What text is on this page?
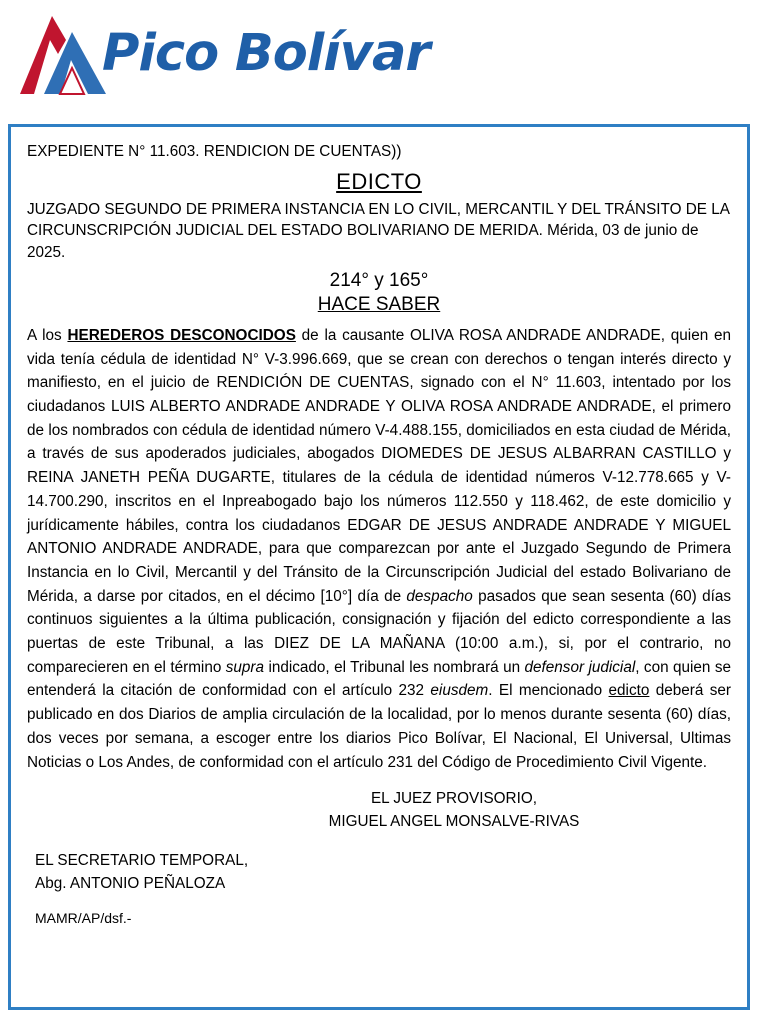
Pico Bolívar
EXPEDIENTE N° 11.603. RENDICION DE CUENTAS))
EDICTO
JUZGADO SEGUNDO DE PRIMERA INSTANCIA EN LO CIVIL, MERCANTIL Y DEL TRÁNSITO DE LA CIRCUNSCRIPCIÓN JUDICIAL DEL ESTADO BOLIVARIANO DE MERIDA. Mérida, 03 de junio de 2025.
214° y 165°
HACE SABER
A los HEREDEROS DESCONOCIDOS de la causante OLIVA ROSA ANDRADE ANDRADE, quien en vida tenía cédula de identidad N° V-3.996.669, que se crean con derechos o tengan interés directo y manifiesto, en el juicio de RENDICIÓN DE CUENTAS, signado con el N° 11.603, intentado por los ciudadanos LUIS ALBERTO ANDRADE ANDRADE Y OLIVA ROSA ANDRADE ANDRADE, el primero de los nombrados con cédula de identidad número V-4.488.155, domiciliados en esta ciudad de Mérida, a través de sus apoderados judiciales, abogados DIOMEDES DE JESUS ALBARRAN CASTILLO y REINA JANETH PEÑA DUGARTE, titulares de la cédula de identidad números V-12.778.665 y V-14.700.290, inscritos en el Inpreabogado bajo los números 112.550 y 118.462, de este domicilio y jurídicamente hábiles, contra los ciudadanos EDGAR DE JESUS ANDRADE ANDRADE Y MIGUEL ANTONIO ANDRADE ANDRADE, para que comparezcan por ante el Juzgado Segundo de Primera Instancia en lo Civil, Mercantil y del Tránsito de la Circunscripción Judicial del estado Bolivariano de Mérida, a darse por citados, en el décimo [10°] día de despacho pasados que sean sesenta (60) días continuos siguientes a la última publicación, consignación y fijación del edicto correspondiente a las puertas de este Tribunal, a las DIEZ DE LA MAÑANA (10:00 a.m.), si, por el contrario, no comparecieren en el término supra indicado, el Tribunal les nombrará un defensor judicial, con quien se entenderá la citación de conformidad con el artículo 232 eiusdem. El mencionado edicto deberá ser publicado en dos Diarios de amplia circulación de la localidad, por lo menos durante sesenta (60) días, dos veces por semana, a escoger entre los diarios Pico Bolívar, El Nacional, El Universal, Ultimas Noticias o Los Andes, de conformidad con el artículo 231 del Código de Procedimiento Civil Vigente.
EL JUEZ PROVISORIO,
MIGUEL ANGEL MONSALVE-RIVAS
EL SECRETARIO TEMPORAL,
Abg. ANTONIO PEÑALOZA
MAMR/AP/dsf.-
